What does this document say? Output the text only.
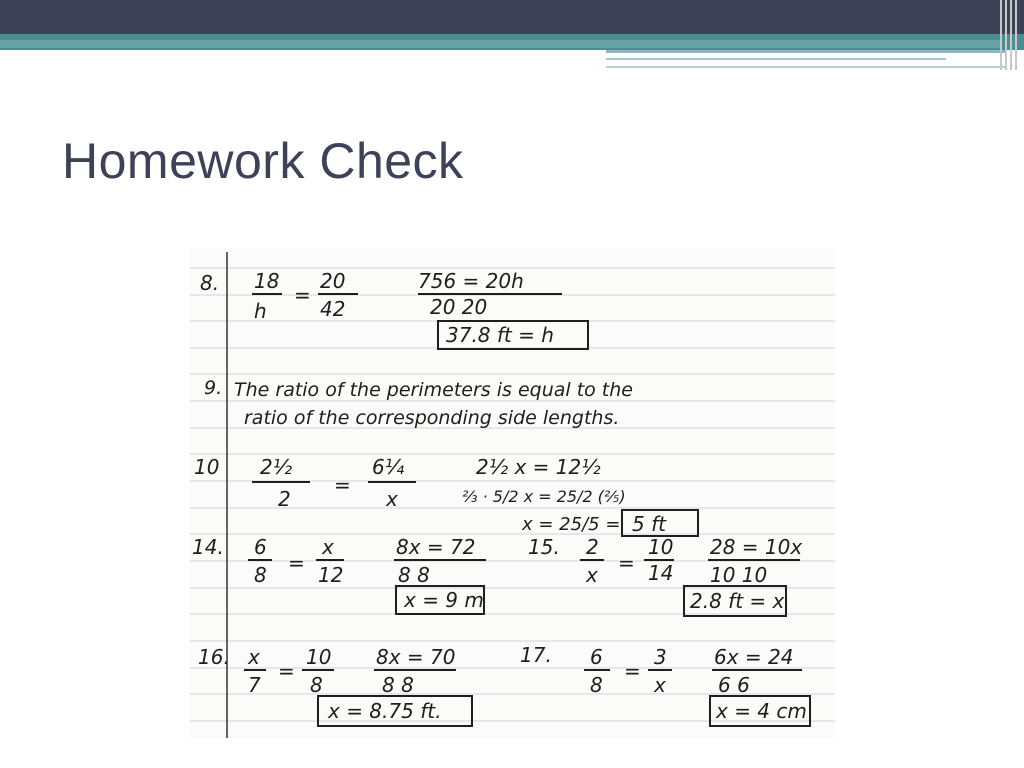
Homework Check
8. 18
h
=
20
42
756 = 20h
20 20
37.8 ft = h
9. The ratio of the perimeters is equal to the
ratio of the corresponding side lengths.
10 2½
2
=
6¼
x
2½ x = 12½
⅔ · 5/2 x = 25/2 (⅖)
x = 25/5 = 5 ft
14. 6
8 =
x
12
8x = 72
8 8
x = 9 m
15. 2
x =
10
14
28 = 10x
10 10
2.8 ft = x
16. x
7
=
10
8
8x = 70
8 8
x = 8.75 ft.
17. 6
8
=
3
x
6x = 24
6 6
x = 4 cm
